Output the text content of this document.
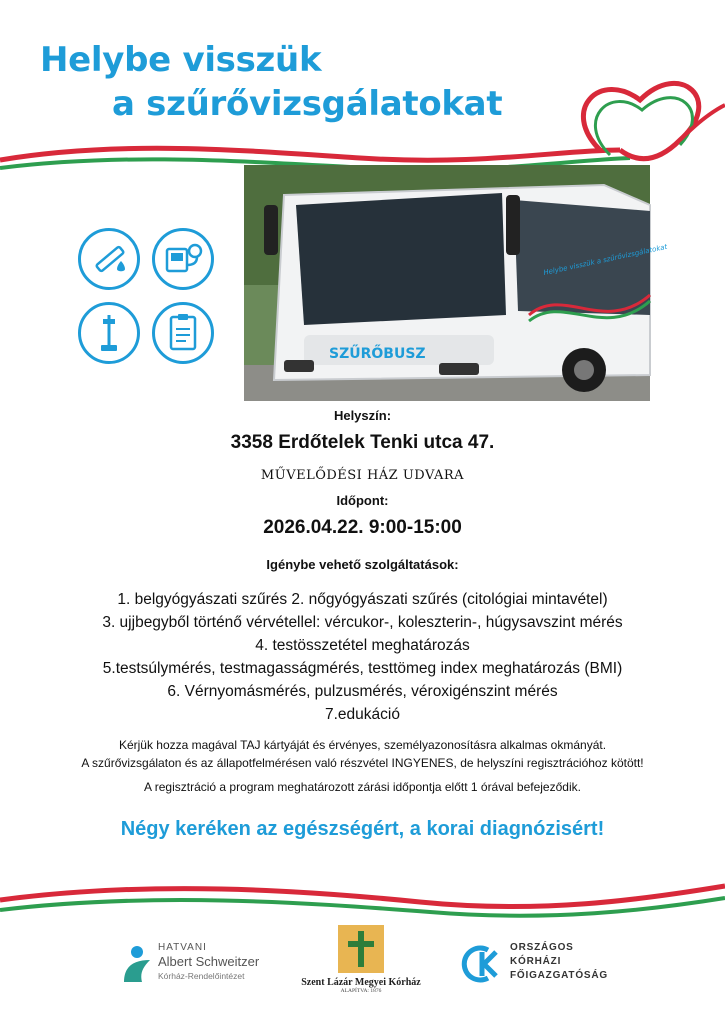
Helybe visszük
a szűrővizsgálatokat
SZŰRŐBUSZ
Helybe visszük a szűrővizsgálatokat
Helyszín:
3358 Erdőtelek Tenki utca 47.
MŰVELŐDÉSI HÁZ UDVARA
Időpont:
2026.04.22. 9:00-15:00
Igénybe vehető szolgáltatások:
1. belgyógyászati szűrés 2. nőgyógyászati szűrés (citológiai mintavétel)
3. ujjbegyből történő vérvétellel: vércukor-, koleszterin-, húgysavszint mérés
4. testösszetétel meghatározás
5.testsúlymérés, testmagasságmérés, testtömeg index meghatározás (BMI)
6. Vérnyomásmérés, pulzusmérés, véroxigénszint mérés
7.edukáció
Kérjük hozza magával TAJ kártyáját és érvényes, személyazonosításra alkalmas okmányát.
A szűrővizsgálaton és az állapotfelmérésen való részvétel INGYENES, de helyszíni regisztrációhoz kötött!
A regisztráció a program meghatározott zárási időpontja előtt 1 órával befejeződik.
Négy keréken az egészségért, a korai diagnózisért!
HATVANI
Albert Schweitzer
Kórház-Rendelőintézet
Szent Lázár Megyei Kórház
ALAPÍTVA: 1876
ORSZÁGOS
KÓRHÁZI
FŐIGAZGATÓSÁG
